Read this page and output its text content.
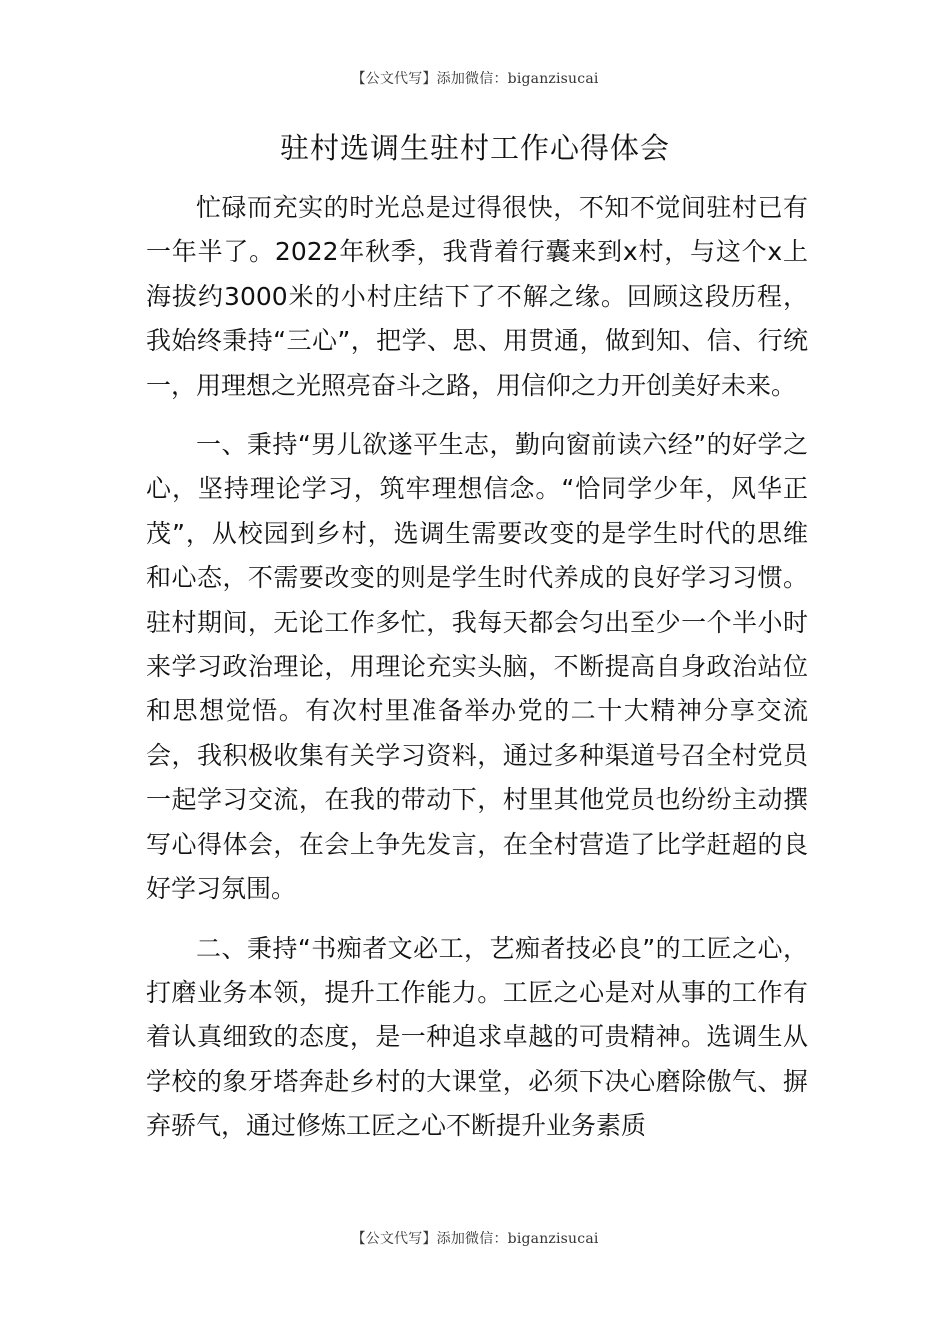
【公文代写】添加微信：biganzisucai
驻村选调生驻村工作心得体会

忙碌而充实的时光总是过得很快，不知不觉间驻村已有一年半了。2022年秋季，我背着行囊来到x村，与这个x上海拔约3000米的小村庄结下了不解之缘。回顾这段历程，我始终秉持“三心”，把学、思、用贯通，做到知、信、行统一，用理想之光照亮奋斗之路，用信仰之力开创美好未来。

一、秉持“男儿欲遂平生志，勤向窗前读六经”的好学之心，坚持理论学习，筑牢理想信念。“恰同学少年，风华正茂”，从校园到乡村，选调生需要改变的是学生时代的思维和心态，不需要改变的则是学生时代养成的良好学习习惯。驻村期间，无论工作多忙，我每天都会匀出至少一个半小时来学习政治理论，用理论充实头脑，不断提高自身政治站位和思想觉悟。有次村里准备举办党的二十大精神分享交流会，我积极收集有关学习资料，通过多种渠道号召全村党员一起学习交流，在我的带动下，村里其他党员也纷纷主动撰写心得体会，在会上争先发言，在全村营造了比学赶超的良好学习氛围。

二、秉持“书痴者文必工，艺痴者技必良”的工匠之心，打磨业务本领，提升工作能力。工匠之心是对从事的工作有着认真细致的态度，是一种追求卓越的可贵精神。选调生从学校的象牙塔奔赴乡村的大课堂，必须下决心磨除傲气、摒弃骄气，通过修炼工匠之心不断提升业务素质

【公文代写】添加微信：biganzisucai
